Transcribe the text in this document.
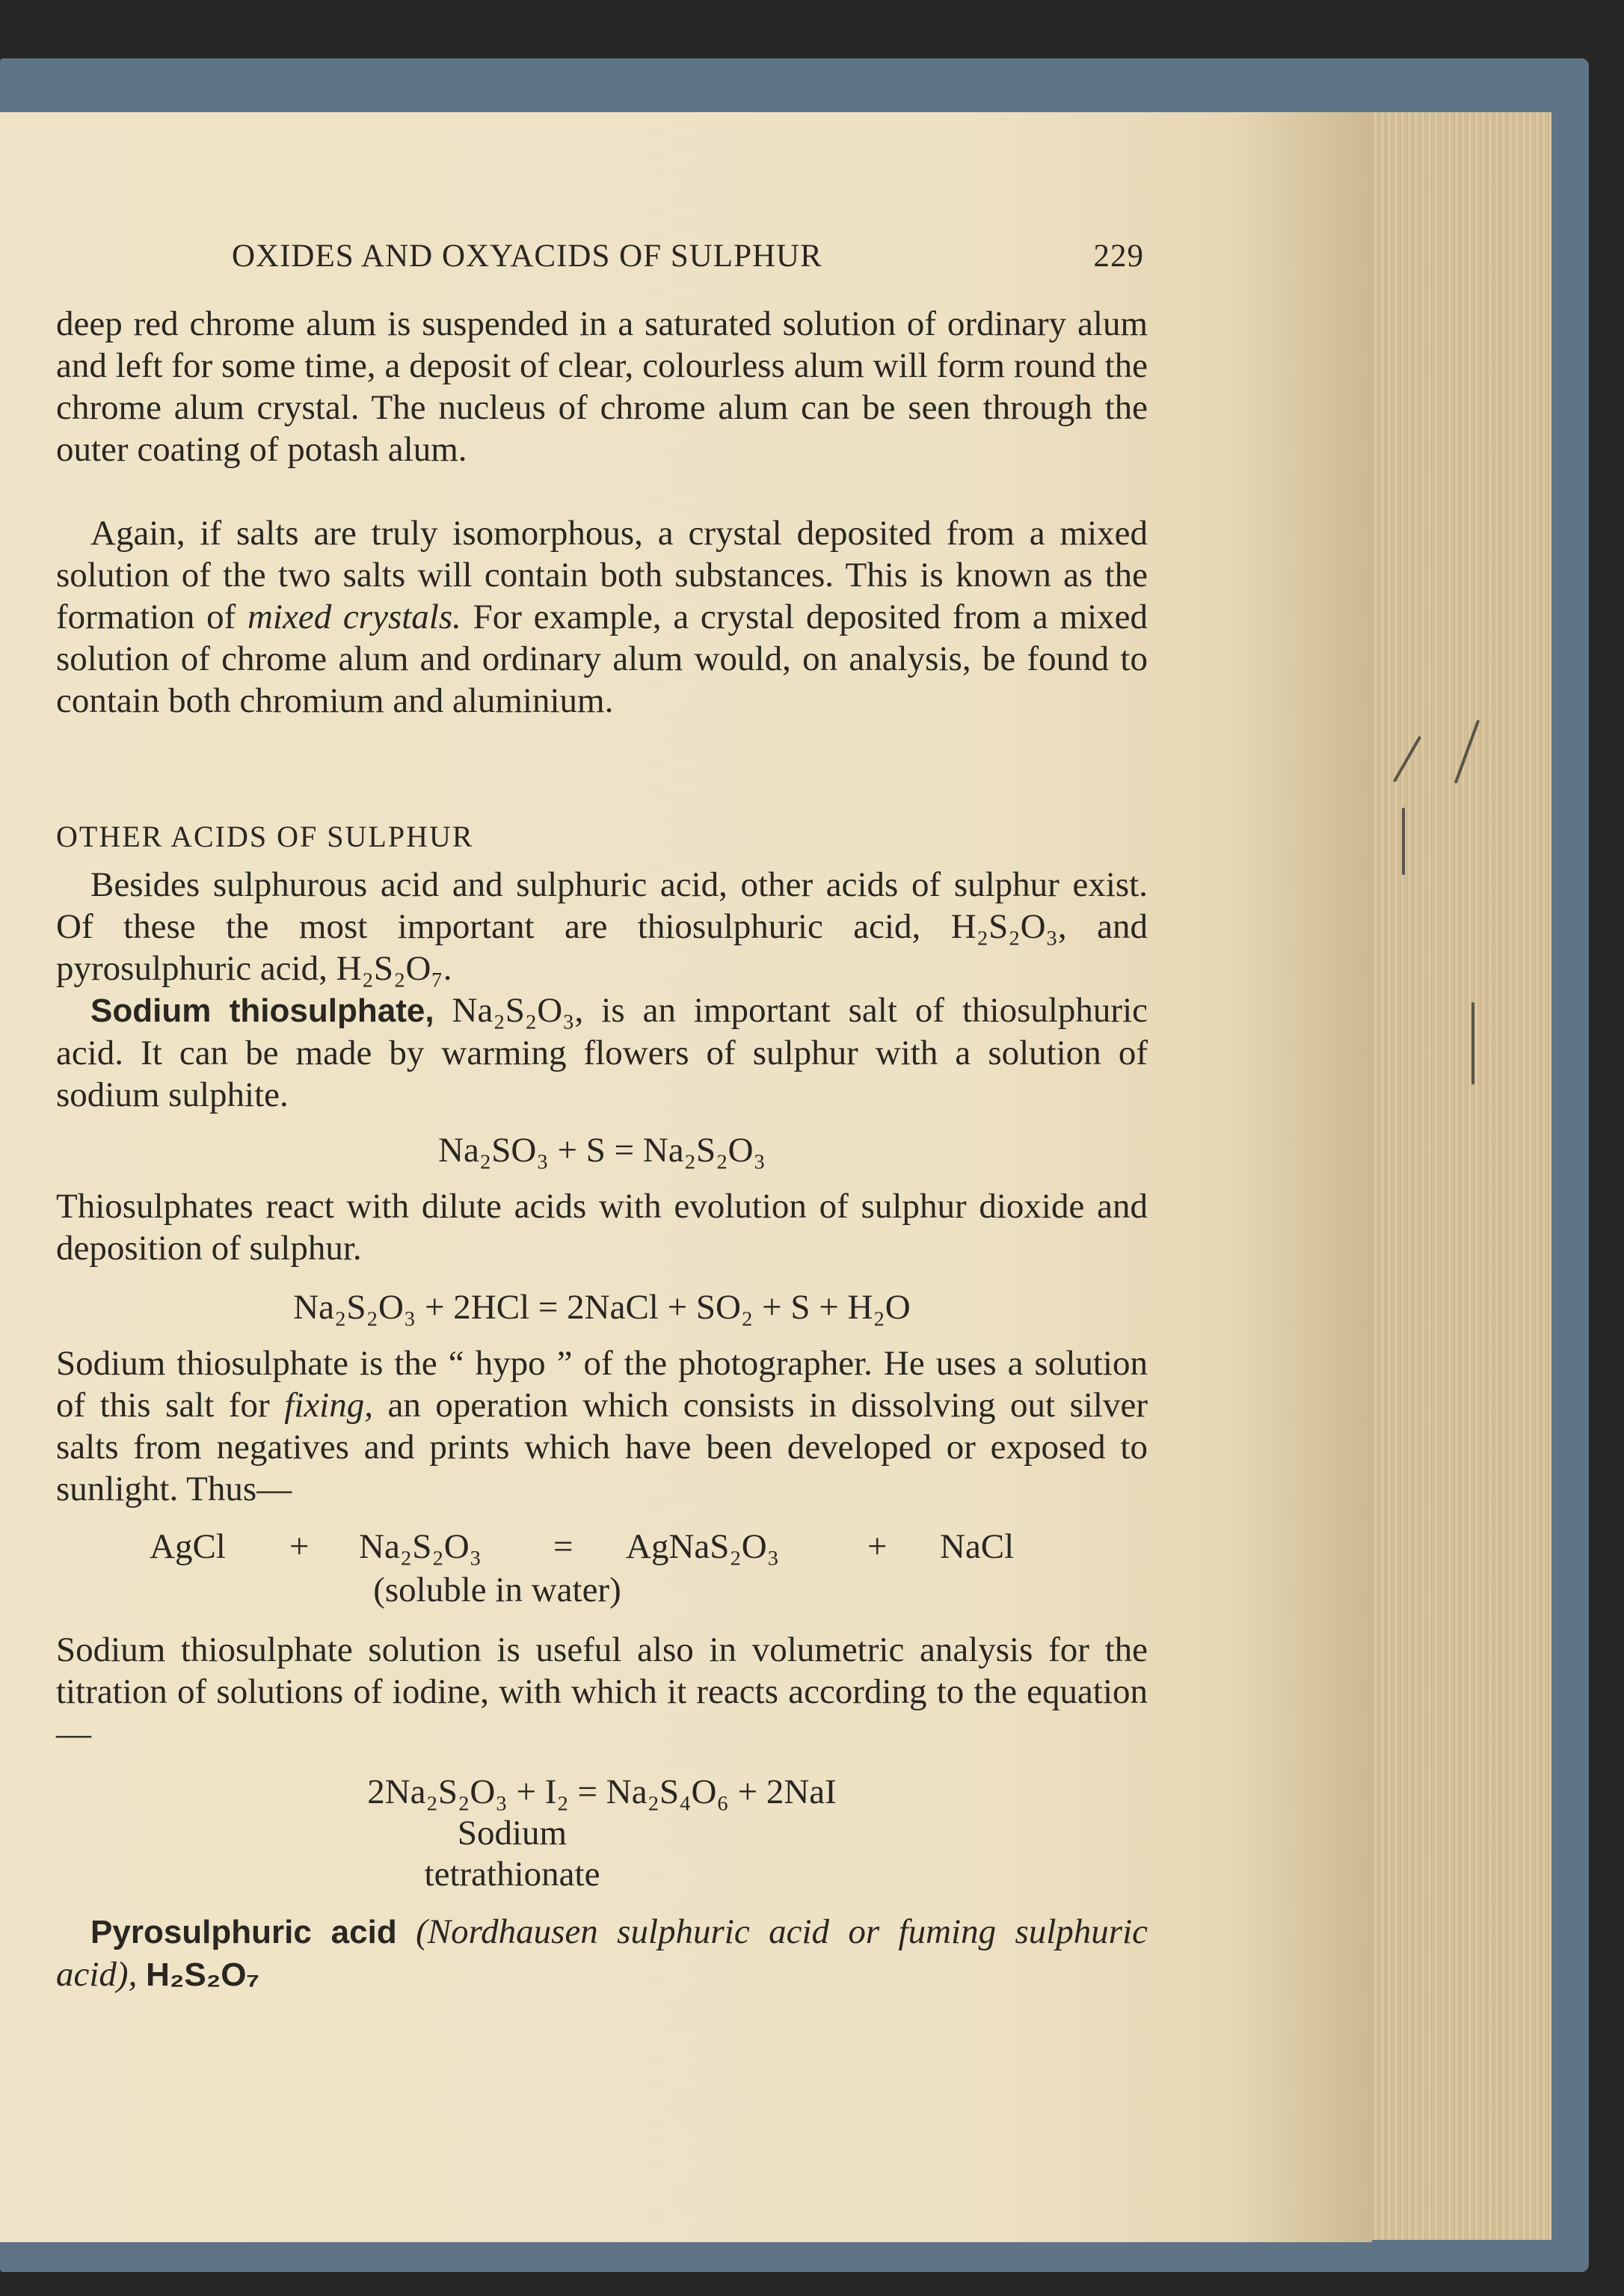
OXIDES AND OXYACIDS OF SULPHUR	229

deep red chrome alum is suspended in a saturated solution of ordinary alum and left for some time, a deposit of clear, colourless alum will form round the chrome alum crystal. The nucleus of chrome alum can be seen through the outer coating of potash alum.

Again, if salts are truly isomorphous, a crystal deposited from a mixed solution of the two salts will contain both substances. This is known as the formation of mixed crystals. For example, a crystal deposited from a mixed solution of chrome alum and ordinary alum would, on analysis, be found to contain both chromium and aluminium.

OTHER ACIDS OF SULPHUR

Besides sulphurous acid and sulphuric acid, other acids of sulphur exist. Of these the most important are thiosulphuric acid, H₂S₂O₃, and pyrosulphuric acid, H₂S₂O₇.

Sodium thiosulphate, Na₂S₂O₃, is an important salt of thiosulphuric acid. It can be made by warming flowers of sulphur with a solution of sodium sulphite.

Na₂SO₃ + S = Na₂S₂O₃

Thiosulphates react with dilute acids with evolution of sulphur dioxide and deposition of sulphur.

Na₂S₂O₃ + 2HCl = 2NaCl + SO₂ + S + H₂O

Sodium thiosulphate is the “ hypo ” of the photographer. He uses a solution of this salt for fixing, an operation which consists in dissolving out silver salts from negatives and prints which have been developed or exposed to sunlight. Thus—

AgCl + Na₂S₂O₃ = AgNaS₂O₃	+ NaCl

(soluble in water)

Sodium thiosulphate solution is useful also in volumetric analysis for the titration of solutions of iodine, with which it reacts according to the equation—

2Na₂S₂O₃ + I₂ = Na₂S₄O₆ + 2NaI

Sodium

tetrathionate

Pyrosulphuric acid (Nordhausen sulphuric acid or fuming sulphuric acid), H₂S₂O₇
